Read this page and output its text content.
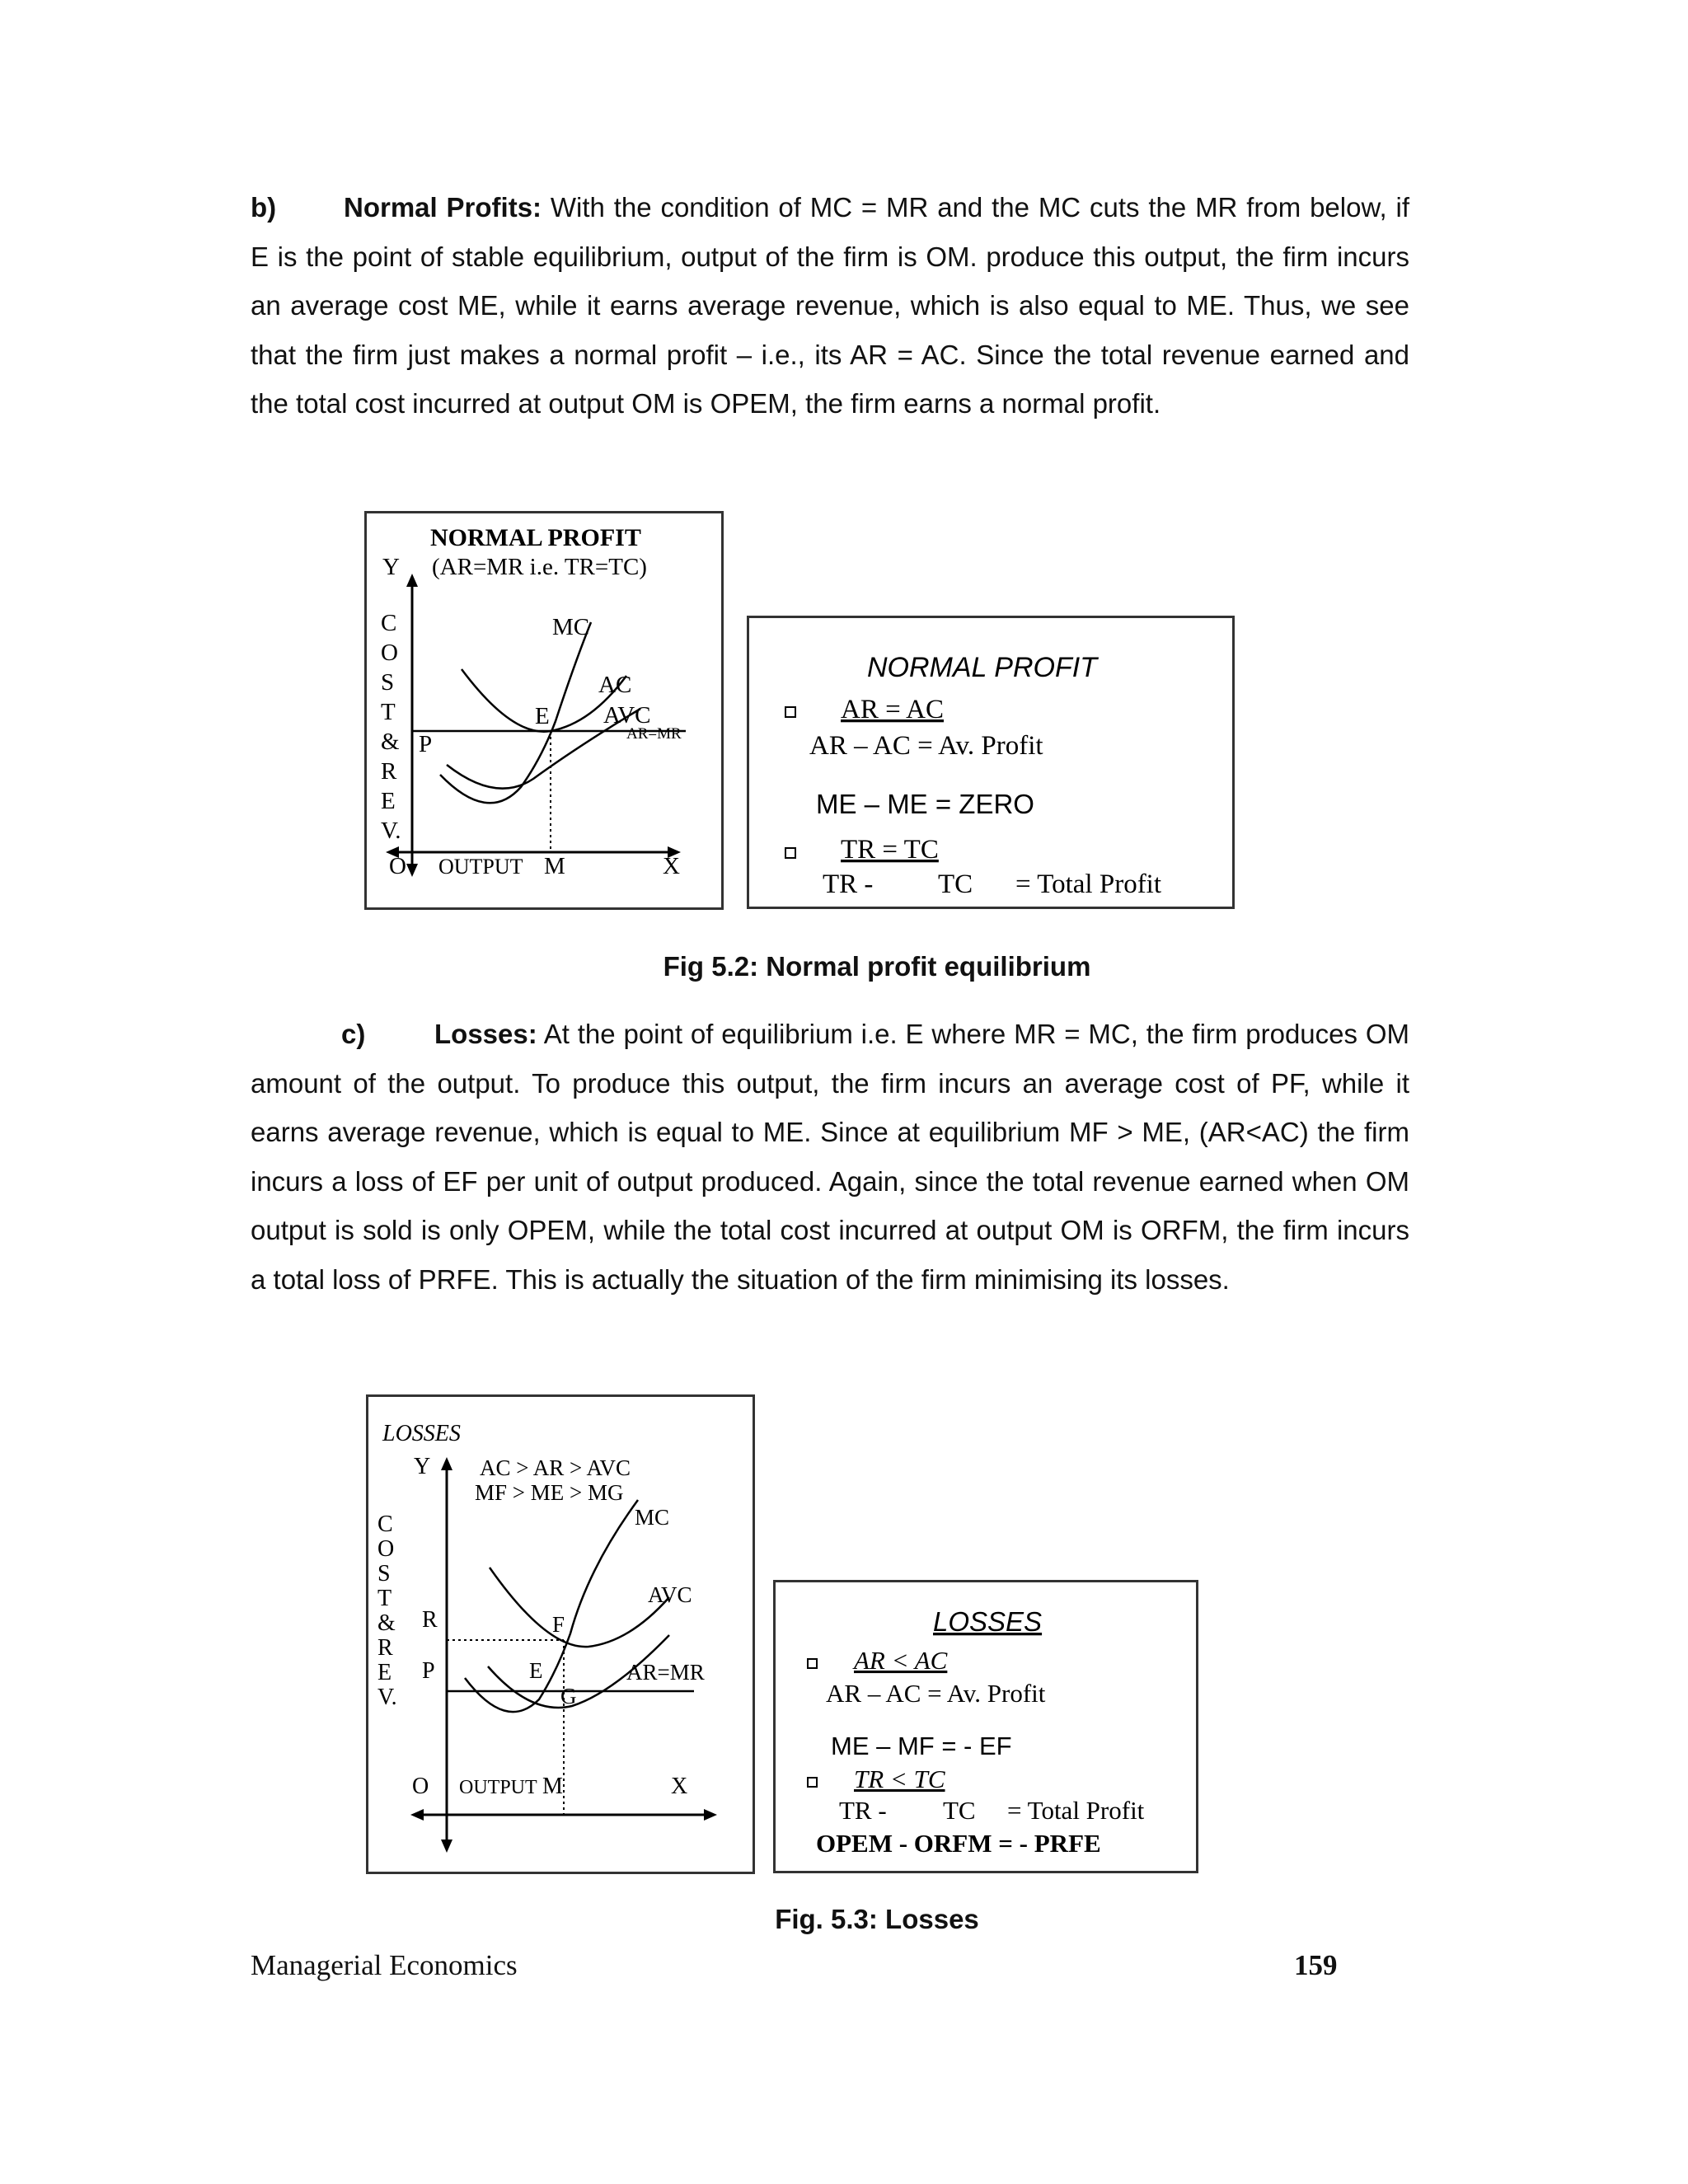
b) Normal Profits: With the condition of MC = MR and the MC cuts the MR from below, if E is the point of stable equilibrium, output of the firm is OM. produce this output, the firm incurs an average cost ME, while it earns average revenue, which is also equal to ME. Thus, we see that the firm just makes a normal profit – i.e., its AR = AC. Since the total revenue earned and the total cost incurred at output OM is OPEM, the firm earns a normal profit.
NORMAL PROFIT
Y (AR=MR i.e. TR=TC)
C
O
S
T
&
R
E
V.
O OUTPUT M	X
P	AR=MR
MC
AC
AVC
E
NORMAL PROFIT
AR = AC
AR – AC = Av. Profit
ME – ME = ZERO
TR = TC
TR - TC = Total Profit
Fig 5.2: Normal profit equilibrium
c)	Losses: At the point of equilibrium i.e. E where MR = MC, the firm produces OM amount of the output. To produce this output, the firm incurs an average cost of PF, while it earns average revenue, which is equal to ME. Since at equilibrium MF > ME, (AR<AC) the firm incurs a loss of EF per unit of output produced. Again, since the total revenue earned when OM output is sold is only OPEM, while the total cost incurred at output OM is ORFM, the firm incurs a total loss of PRFE. This is actually the situation of the firm minimising its losses.
LOSSES
Y AC > AR > AVC
MF > ME > MG
C
O
S
T
&
R
E
V.
O OUTPUT M	X
R
P	AR=MR
MC
AVC
F
E
G
LOSSES
AR < AC
AR – AC = Av. Profit
ME – MF = - EF
TR < TC
TR - TC = Total Profit
OPEM - ORFM = - PRFE
Fig. 5.3: Losses
Managerial Economics	159
